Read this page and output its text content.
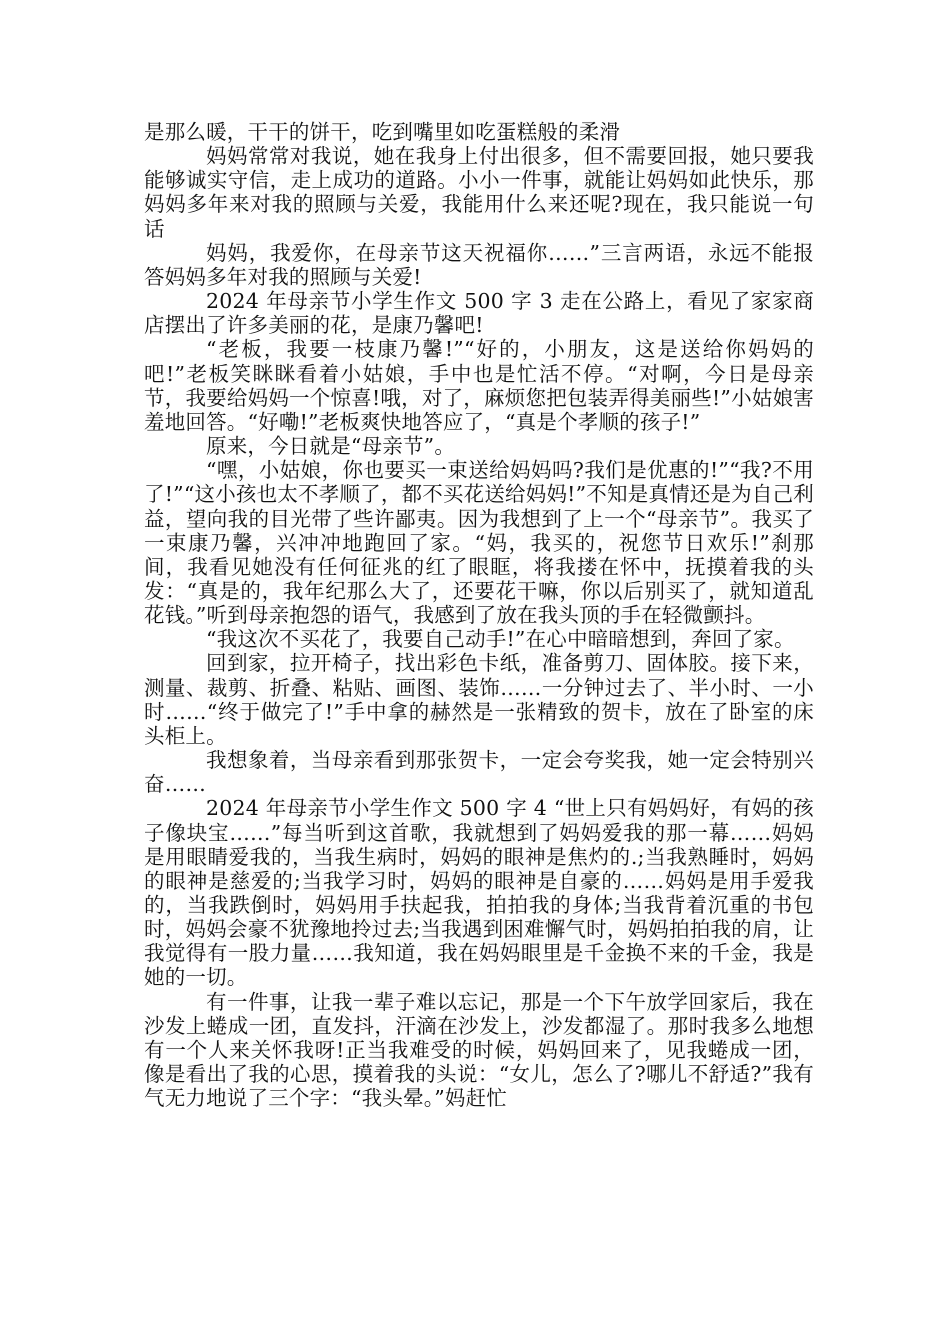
是那么暖，干干的饼干，吃到嘴里如吃蛋糕般的柔滑

妈妈常常对我说，她在我身上付出很多，但不需要回报，她只要我能够诚实守信，走上成功的道路。小小一件事，就能让妈妈如此快乐，那妈妈多年来对我的照顾与关爱，我能用什么来还呢?现在，我只能说一句话

妈妈，我爱你，在母亲节这天祝福你……”三言两语，永远不能报答妈妈多年对我的照顾与关爱!

2024 年母亲节小学生作文 500 字 3 走在公路上，看见了家家商店摆出了许多美丽的花，是康乃馨吧!

“老板，我要一枝康乃馨!”“好的，小朋友，这是送给你妈妈的吧!”老板笑眯眯看着小姑娘，手中也是忙活不停。“对啊，今日是母亲节，我要给妈妈一个惊喜!哦，对了，麻烦您把包装弄得美丽些!”小姑娘害羞地回答。“好嘞!”老板爽快地答应了，“真是个孝顺的孩子!”

原来，今日就是“母亲节”。

“嘿，小姑娘，你也要买一束送给妈妈吗?我们是优惠的!”“我?不用了!”“这小孩也太不孝顺了，都不买花送给妈妈!”不知是真情还是为自己利益，望向我的目光带了些许鄙夷。因为我想到了上一个“母亲节”。我买了一束康乃馨，兴冲冲地跑回了家。“妈，我买的，祝您节日欢乐!”刹那间，我看见她没有任何征兆的红了眼眶，将我搂在怀中，抚摸着我的头发：“真是的，我年纪那么大了，还要花干嘛，你以后别买了，就知道乱花钱。”听到母亲抱怨的语气，我感到了放在我头顶的手在轻微颤抖。

“我这次不买花了，我要自己动手!”在心中暗暗想到，奔回了家。

回到家，拉开椅子，找出彩色卡纸，准备剪刀、固体胶。接下来，测量、裁剪、折叠、粘贴、画图、装饰……一分钟过去了、半小时、一小时……“终于做完了!”手中拿的赫然是一张精致的贺卡，放在了卧室的床头柜上。

我想象着，当母亲看到那张贺卡，一定会夸奖我，她一定会特别兴奋……

2024 年母亲节小学生作文 500 字 4 “世上只有妈妈好，有妈的孩子像块宝……”每当听到这首歌，我就想到了妈妈爱我的那一幕……妈妈是用眼睛爱我的，当我生病时，妈妈的眼神是焦灼的.;当我熟睡时，妈妈的眼神是慈爱的;当我学习时，妈妈的眼神是自豪的……妈妈是用手爱我的，当我跌倒时，妈妈用手扶起我，拍拍我的身体;当我背着沉重的书包时，妈妈会豪不犹豫地拎过去;当我遇到困难懈气时，妈妈拍拍我的肩，让我觉得有一股力量……我知道，我在妈妈眼里是千金换不来的千金，我是她的一切。

有一件事，让我一辈子难以忘记，那是一个下午放学回家后，我在沙发上蜷成一团，直发抖，汗滴在沙发上，沙发都湿了。那时我多么地想有一个人来关怀我呀!正当我难受的时候，妈妈回来了，见我蜷成一团，像是看出了我的心思，摸着我的头说：“女儿，怎么了?哪儿不舒适?”我有气无力地说了三个字：“我头晕。”妈赶忙
